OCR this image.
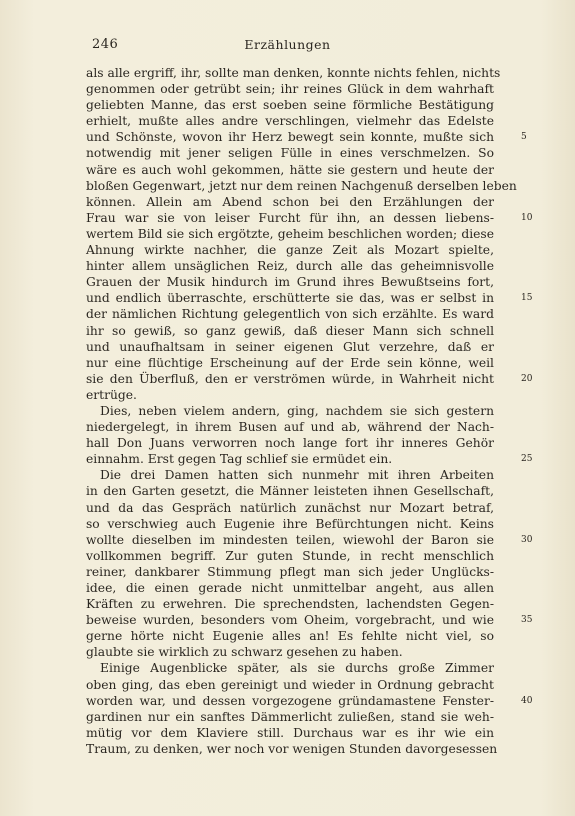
246	Erzählungen
als alle ergriff, ihr, sollte man denken, konnte nichts fehlen, nichts
genommen oder getrübt sein; ihr reines Glück in dem wahrhaft
geliebten Manne, das erst soeben seine förmliche Bestätigung
erhielt, mußte alles andre verschlingen, vielmehr das Edelste
und Schönste, wovon ihr Herz bewegt sein konnte, mußte sich	5
notwendig mit jener seligen Fülle in eines verschmelzen. So
wäre es auch wohl gekommen, hätte sie gestern und heute der
bloßen Gegenwart, jetzt nur dem reinen Nachgenuß derselben leben
können. Allein am Abend schon bei den Erzählungen der
Frau war sie von leiser Furcht für ihn, an dessen liebens-	10
wertem Bild sie sich ergötzte, geheim beschlichen worden; diese
Ahnung wirkte nachher, die ganze Zeit als Mozart spielte,
hinter allem unsäglichen Reiz, durch alle das geheimnisvolle
Grauen der Musik hindurch im Grund ihres Bewußtseins fort,
und endlich überraschte, erschütterte sie das, was er selbst in	15
der nämlichen Richtung gelegentlich von sich erzählte. Es ward
ihr so gewiß, so ganz gewiß, daß dieser Mann sich schnell
und unaufhaltsam in seiner eigenen Glut verzehre, daß er
nur eine flüchtige Erscheinung auf der Erde sein könne, weil
sie den Überfluß, den er verströmen würde, in Wahrheit nicht	20
ertrüge.
Dies, neben vielem andern, ging, nachdem sie sich gestern
niedergelegt, in ihrem Busen auf und ab, während der Nach-
hall Don Juans verworren noch lange fort ihr inneres Gehör
einnahm. Erst gegen Tag schlief sie ermüdet ein.	25
Die drei Damen hatten sich nunmehr mit ihren Arbeiten
in den Garten gesetzt, die Männer leisteten ihnen Gesellschaft,
und da das Gespräch natürlich zunächst nur Mozart betraf,
so verschwieg auch Eugenie ihre Befürchtungen nicht. Keins
wollte dieselben im mindesten teilen, wiewohl der Baron sie	30
vollkommen begriff. Zur guten Stunde, in recht menschlich
reiner, dankbarer Stimmung pflegt man sich jeder Unglücks-
idee, die einen gerade nicht unmittelbar angeht, aus allen
Kräften zu erwehren. Die sprechendsten, lachendsten Gegen-
beweise wurden, besonders vom Oheim, vorgebracht, und wie	35
gerne hörte nicht Eugenie alles an! Es fehlte nicht viel, so
glaubte sie wirklich zu schwarz gesehen zu haben.
Einige Augenblicke später, als sie durchs große Zimmer
oben ging, das eben gereinigt und wieder in Ordnung gebracht
worden war, und dessen vorgezogene gründamastene Fenster-	40
gardinen nur ein sanftes Dämmerlicht zuließen, stand sie weh-
mütig vor dem Klaviere still. Durchaus war es ihr wie ein
Traum, zu denken, wer noch vor wenigen Stunden davorgesessen
